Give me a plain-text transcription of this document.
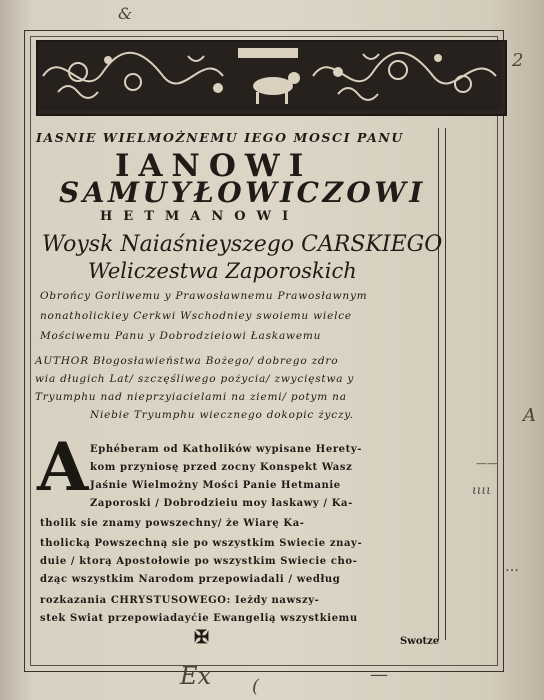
IASNIE WIELMOŻNEMU IEGO MOSCI PANU
IANOWI
SAMUYŁOWICZOWI
HETMANOWI
Woysk Naiaśnieyszego CARSKIEGO
Weliczestwa Zaporoskich
Obrońcy Gorliwemu y Prawosławnemu Prawosławnym
nonatholickiey Cerkwi Wschodniey swoiemu wielce
Mościwemu Panu y Dobrodzieiowi Łaskawemu
AUTHOR Błogosławieństwa Bożego/ dobrego zdro
wia długich Lat/ szczęśliwego pożycia/ zwycięstwa y
Tryumphu nad nieprzyiacielami na ziemi/ potym na
Niebie Tryumphu wiecznego dokopic życzy.
A Ephéberam od Katholików wypisane Herety-
kom przyniosę przed zocny Konspekt Wasz
Jaśnie Wielmożny Mości Panie Hetmanie
Zaporoski / Dobrodzieiu moy łaskawy / Ka-
tholik sie znamy powszechny/ że Wiarę Ka-
tholicką Powszechną sie po wszystkim Swiecie znay-
duie / ktorą Apostołowie po wszystkim Swiecie cho-
dząc wszystkim Narodom przepowiadali / według
rozkazania CHRYSTUSOWEGO: Ieżdy nawszy-
stek Swiat przepowiadayćie Ewangelią wszystkiemu
✠	Swotze
&
2
A
——
ιιιι
…
Ex (
—
